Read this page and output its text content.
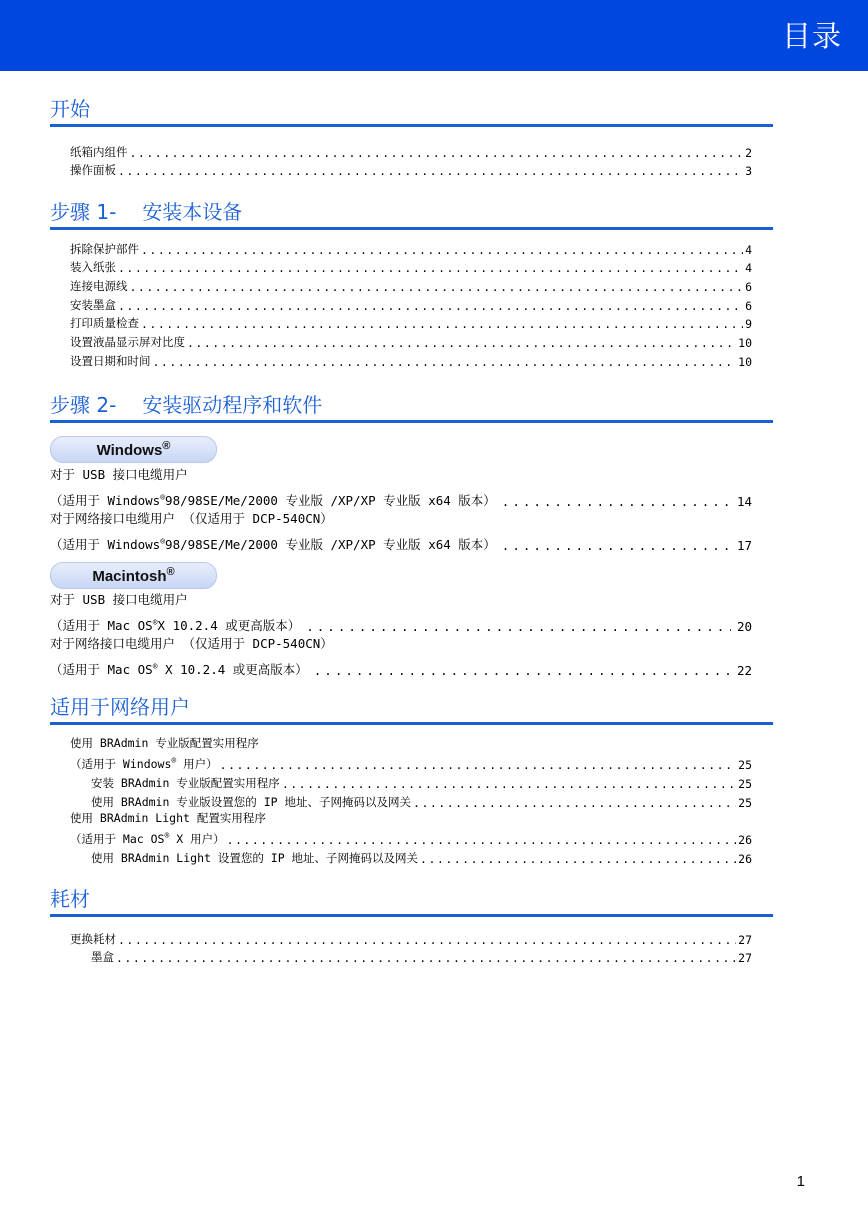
目录
开始
纸箱内组件 .....	2
操作面板 .....	3
步骤 1- 安装本设备
拆除保护部件 .....	4
装入纸张 .....	4
连接电源线 .....	6
安装墨盒 .....	6
打印质量检查 .....	9
设置液晶显示屏对比度 .....	10
设置日期和时间 .....	10
步骤 2- 安装驱动程序和软件
Windows®
对于 USB 接口电缆用户
（适用于 Windows®98/98SE/Me/2000 专业版 /XP/XP 专业版 x64 版本） .....	14
对于网络接口电缆用户 （仅适用于 DCP-540CN）
（适用于 Windows®98/98SE/Me/2000 专业版 /XP/XP 专业版 x64 版本） .....	17
Macintosh®
对于 USB 接口电缆用户
（适用于 Mac OS®X 10.2.4 或更高版本） .....	20
对于网络接口电缆用户 （仅适用于 DCP-540CN）
（适用于 Mac OS® X 10.2.4 或更高版本） .....	22
适用于网络用户
使用 BRAdmin 专业版配置实用程序
（适用于 Windows® 用户） .....	25
安装 BRAdmin 专业版配置实用程序 .....	25
使用 BRAdmin 专业版设置您的 IP 地址、子网掩码以及网关 .....	25
使用 BRAdmin Light 配置实用程序
（适用于 Mac OS® X 用户） .....	26
使用 BRAdmin Light 设置您的 IP 地址、子网掩码以及网关 .....	26
耗材
更换耗材 .....	27
墨盒 .....	27
1
